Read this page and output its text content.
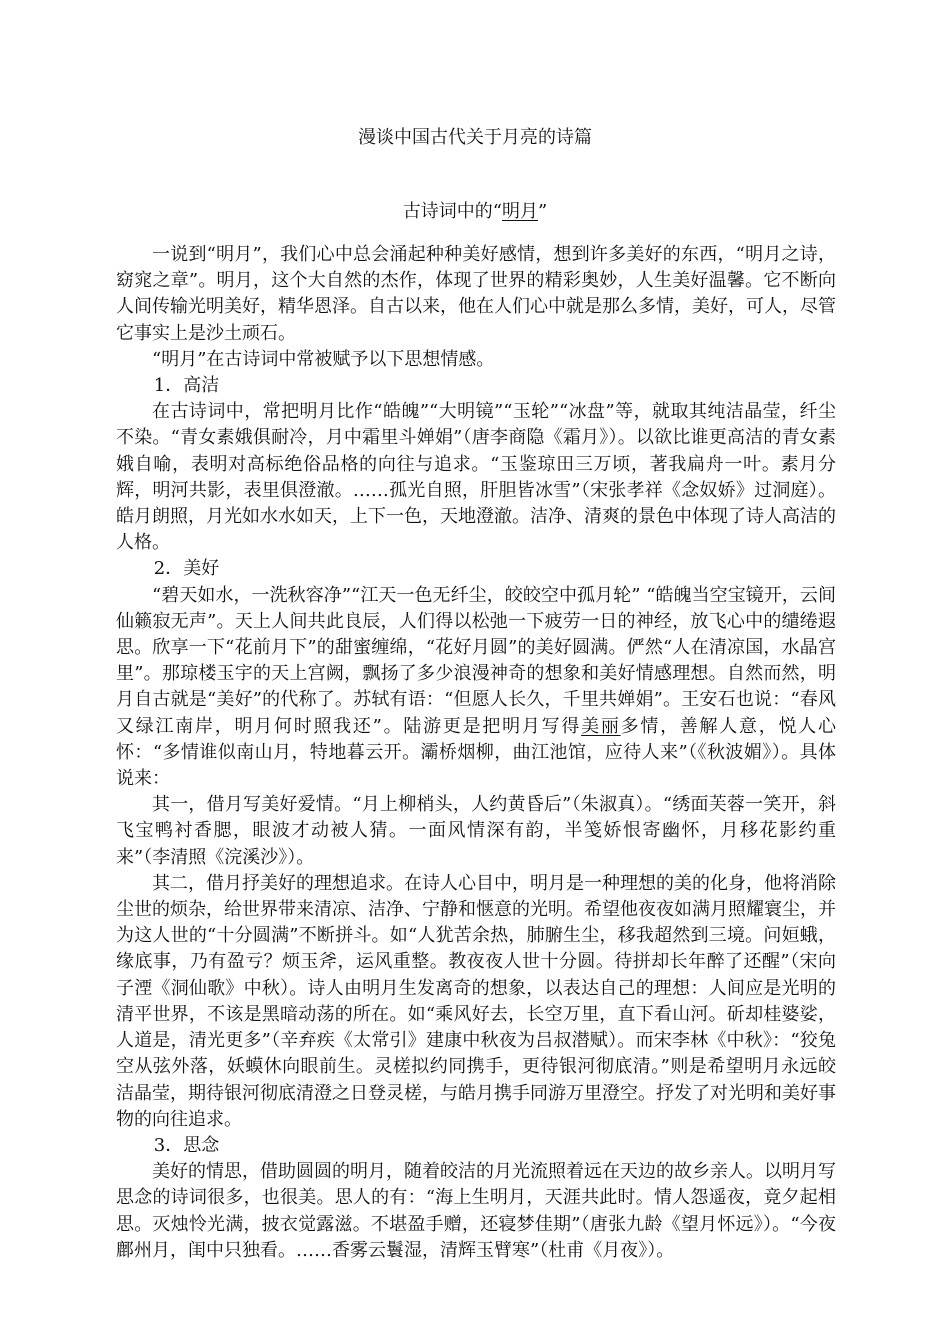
漫谈中国古代关于月亮的诗篇
古诗词中的“明月”

一说到“明月”，我们心中总会涌起种种美好感情，想到许多美好的东西，“明月之诗，窈窕之章”。明月，这个大自然的杰作，体现了世界的精彩奥妙，人生美好温馨。它不断向人间传输光明美好，精华恩泽。自古以来，他在人们心中就是那么多情，美好，可人，尽管它事实上是沙土顽石。

“明月”在古诗词中常被赋予以下思想情感。

1．高洁

在古诗词中，常把明月比作“皓魄”“大明镜”“玉轮”“冰盘”等，就取其纯洁晶莹，纤尘不染。“青女素娥俱耐冷，月中霜里斗婵娟”（唐李商隐《霜月》）。以欲比谁更高洁的青女素娥自喻，表明对高标绝俗品格的向往与追求。“玉鉴琼田三万顷，著我扁舟一叶。素月分辉，明河共影，表里俱澄澈。……孤光自照，肝胆皆冰雪”（宋张孝祥《念奴娇》过洞庭）。 皓月朗照，月光如水水如天，上下一色，天地澄澈。洁净、清爽的景色中体现了诗人高洁的人格。

2．美好

“碧天如水，一洗秋容净”“江天一色无纤尘，皎皎空中孤月轮” “皓魄当空宝镜开，云间仙籁寂无声”。天上人间共此良辰，人们得以松弛一下疲劳一日的神经，放飞心中的缱绻遐思。欣享一下“花前月下”的甜蜜缠绵，“花好月圆”的美好圆满。俨然“人在清凉国，水晶宫里”。那琼楼玉宇的天上宫阙，飘扬了多少浪漫神奇的想象和美好情感理想。自然而然，明月自古就是“美好”的代称了。苏轼有语：“但愿人长久，千里共婵娟”。王安石也说：“春风又绿江南岸，明月何时照我还”。陆游更是把明月写得美丽多情，善解人意，悦人心怀：“多情谁似南山月，特地暮云开。灞桥烟柳，曲江池馆，应待人来”（《秋波媚》）。具体说来：

其一，借月写美好爱情。“月上柳梢头，人约黄昏后”（朱淑真）。“绣面芙蓉一笑开，斜飞宝鸭衬香腮，眼波才动被人猜。一面风情深有韵，半笺娇恨寄幽怀，月移花影约重来”（李清照《浣溪沙》）。

其二，借月抒美好的理想追求。在诗人心目中，明月是一种理想的美的化身，他将消除尘世的烦杂，给世界带来清凉、洁净、宁静和惬意的光明。希望他夜夜如满月照耀寰尘，并为这人世的“十分圆满”不断拼斗。如“人犹苦余热，肺腑生尘，移我超然到三境。问姮蛾，缘底事，乃有盈亏？烦玉斧，运风重整。教夜夜人世十分圆。待拼却长年醉了还醒”（宋向子湮《洞仙歌》中秋）。诗人由明月生发离奇的想象，以表达自己的理想：人间应是光明的清平世界，不该是黑暗动荡的所在。如“乘风好去，长空万里，直下看山河。斫却桂婆娑，人道是，清光更多”（辛弃疾《太常引》建康中秋夜为吕叔潜赋）。而宋李林《中秋》：“狡兔空从弦外落，妖蟆休向眼前生。灵槎拟约同携手，更待银河彻底清。”则是希望明月永远皎洁晶莹，期待银河彻底清澄之日登灵槎，与皓月携手同游万里澄空。抒发了对光明和美好事物的向往追求。

3．思念

美好的情思，借助圆圆的明月，随着皎洁的月光流照着远在天边的故乡亲人。以明月写思念的诗词很多，也很美。思人的有：“海上生明月，天涯共此时。情人怨遥夜，竟夕起相思。灭烛怜光满，披衣觉露滋。不堪盈手赠，还寝梦佳期”（唐张九龄《望月怀远》）。“今夜鄜州月，闺中只独看。……香雾云鬟湿，清辉玉臂寒”（杜甫《月夜》）。
